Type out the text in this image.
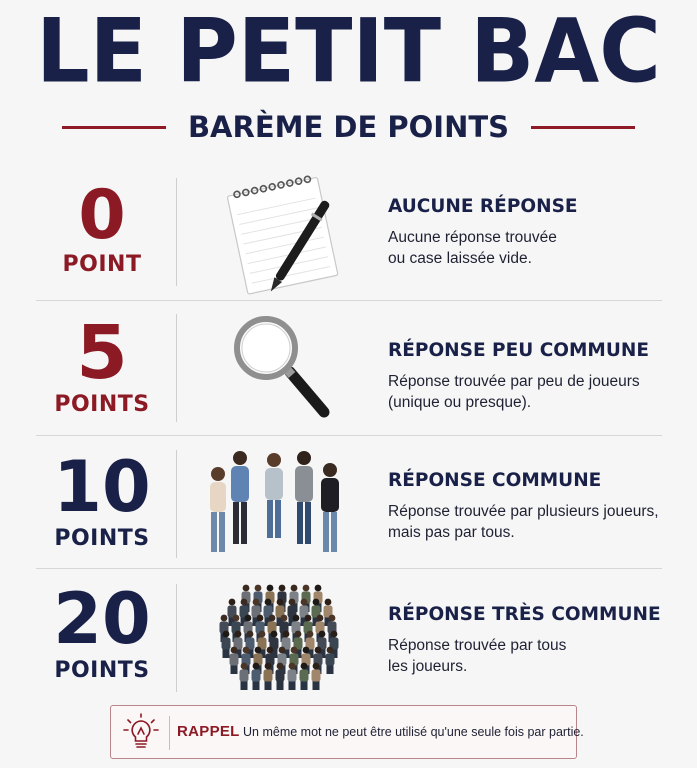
LE PETIT BAC
BARÈME DE POINTS
0
POINT
AUCUNE RÉPONSE
Aucune réponse trouvée
ou case laissée vide.
5
POINTS
RÉPONSE PEU COMMUNE
Réponse trouvée par peu de joueurs
(unique ou presque).
10
POINTS
RÉPONSE COMMUNE
Réponse trouvée par plusieurs joueurs,
mais pas par tous.
20
POINTS
RÉPONSE TRÈS COMMUNE
Réponse trouvée par tous
les joueurs.
RAPPEL Un même mot ne peut être utilisé qu'une seule fois par partie.
